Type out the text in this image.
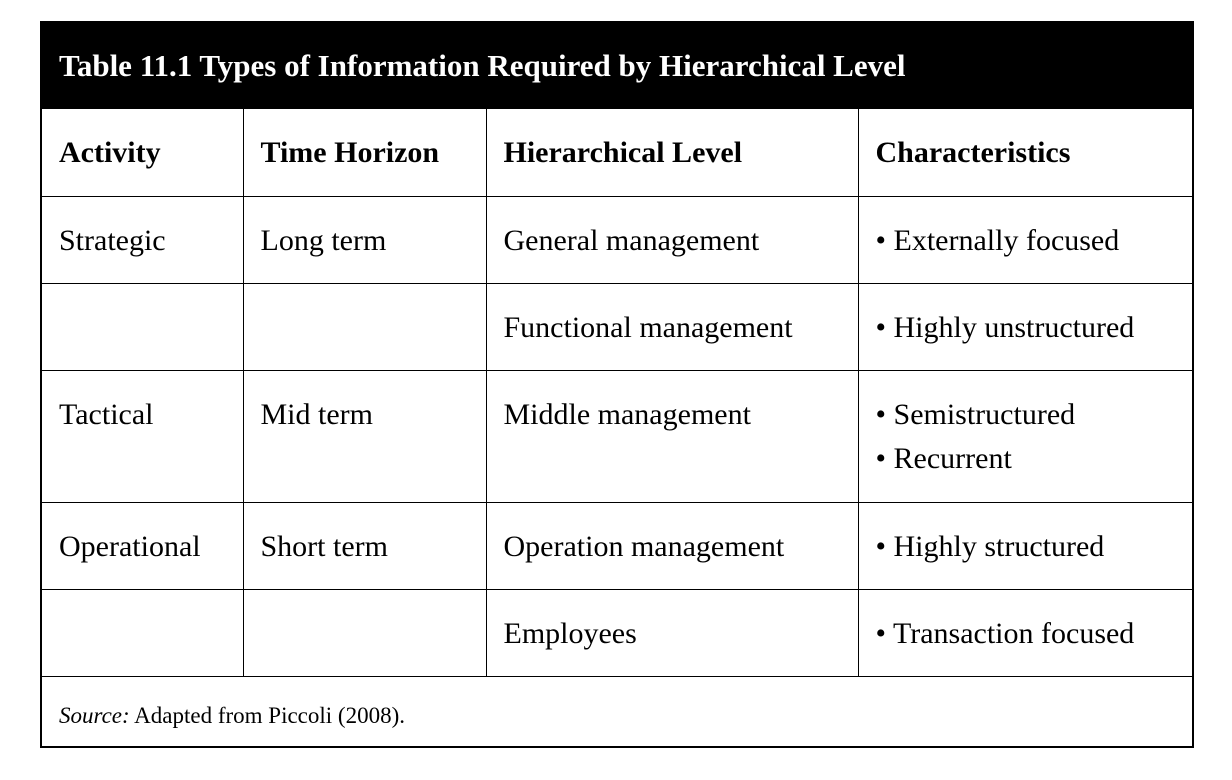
Table 11.1 Types of Information Required by Hierarchical Level
Activity	Time Horizon	Hierarchical Level	Characteristics
Strategic	Long term	General management	• Externally focused

		Functional management	• Highly unstructured

Tactical	Mid term	Middle management	• Semistructured
• Recurrent

Operational	Short term	Operation management	• Highly structured

		Employees	• Transaction focused
Source: Adapted from Piccoli (2008).
